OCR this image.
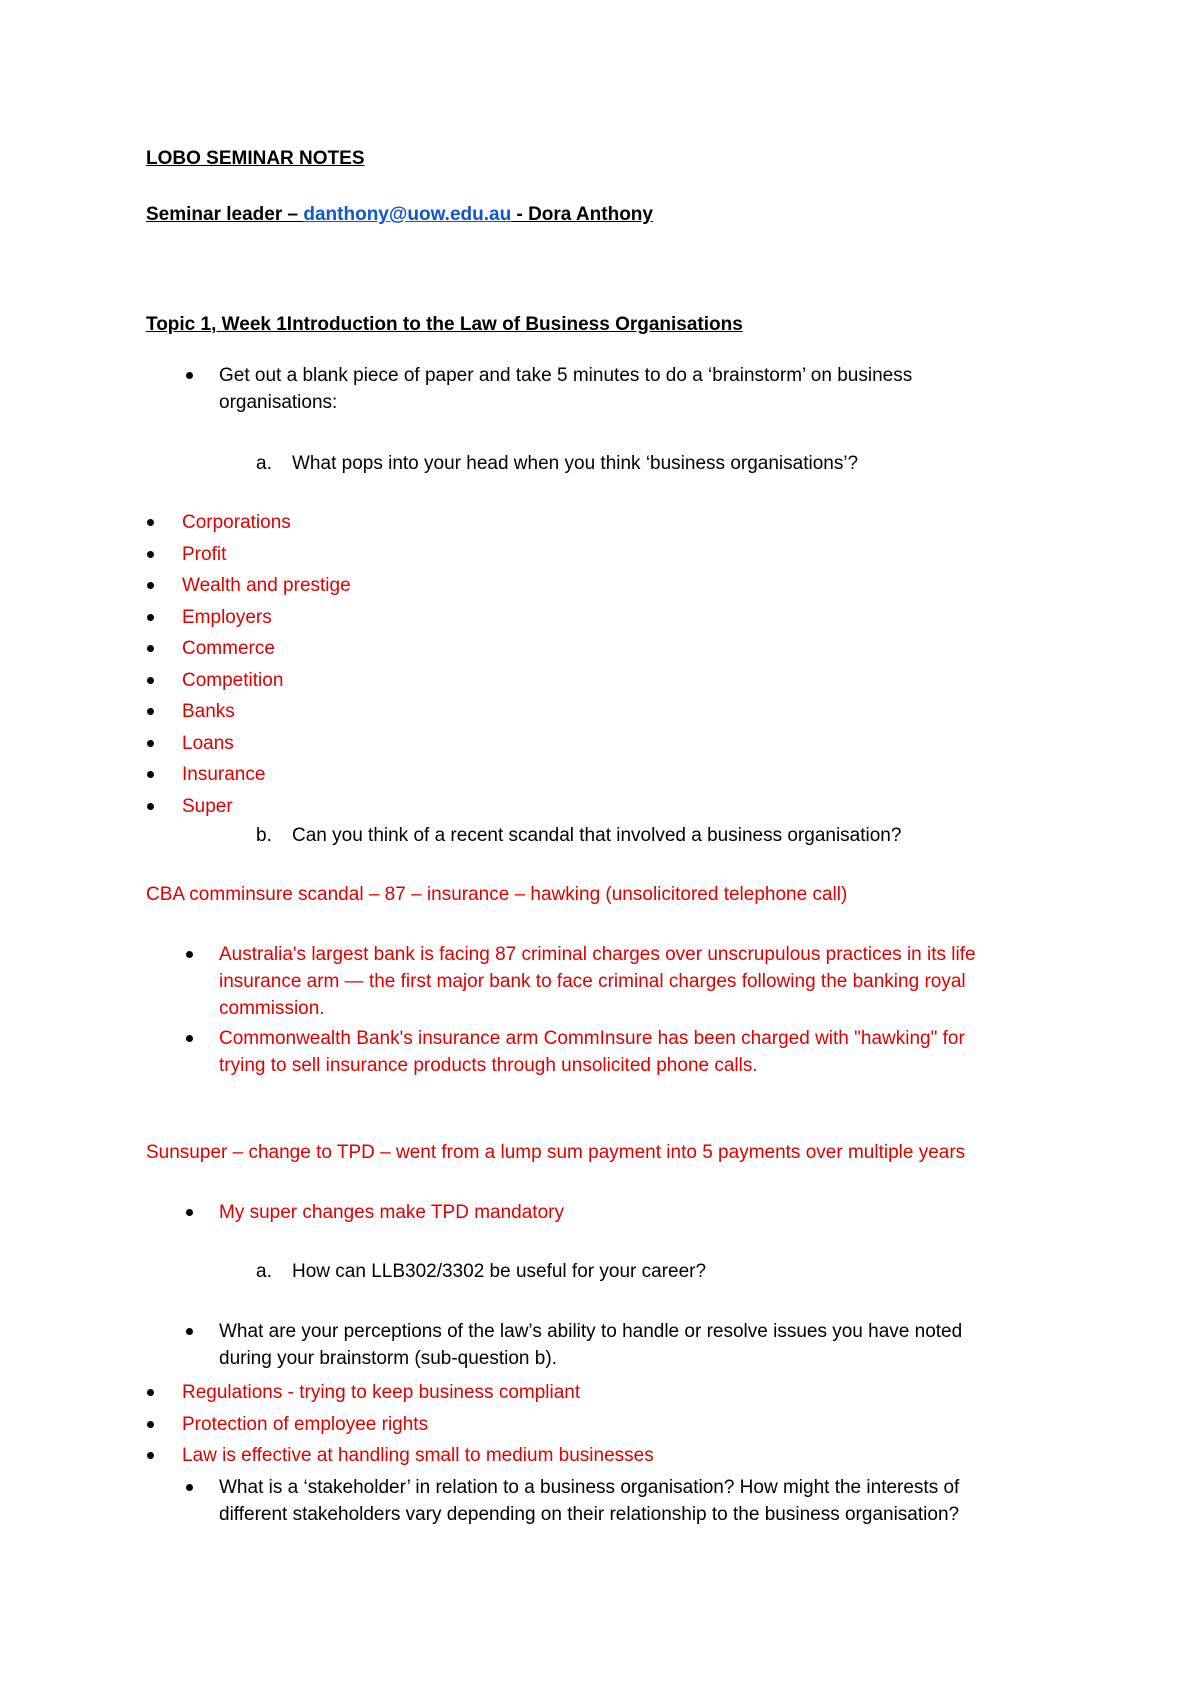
LOBO SEMINAR NOTES
Seminar leader – danthony@uow.edu.au - Dora Anthony
Topic 1, Week 1Introduction to the Law of Business Organisations
Get out a blank piece of paper and take 5 minutes to do a ‘brainstorm’ on business
organisations:
a. What pops into your head when you think ‘business organisations’?
Corporations
Profit
Wealth and prestige
Employers
Commerce
Competition
Banks
Loans
Insurance
Super
b. Can you think of a recent scandal that involved a business organisation?
CBA comminsure scandal – 87 – insurance – hawking (unsolicitored telephone call)
Australia's largest bank is facing 87 criminal charges over unscrupulous practices in its life
insurance arm — the first major bank to face criminal charges following the banking royal
commission.
Commonwealth Bank's insurance arm CommInsure has been charged with "hawking" for
trying to sell insurance products through unsolicited phone calls.
Sunsuper – change to TPD – went from a lump sum payment into 5 payments over multiple years
My super changes make TPD mandatory
a. How can LLB302/3302 be useful for your career?
What are your perceptions of the law’s ability to handle or resolve issues you have noted
during your brainstorm (sub-question b).
Regulations - trying to keep business compliant
Protection of employee rights
Law is effective at handling small to medium businesses
What is a ‘stakeholder’ in relation to a business organisation? How might the interests of
different stakeholders vary depending on their relationship to the business organisation?
